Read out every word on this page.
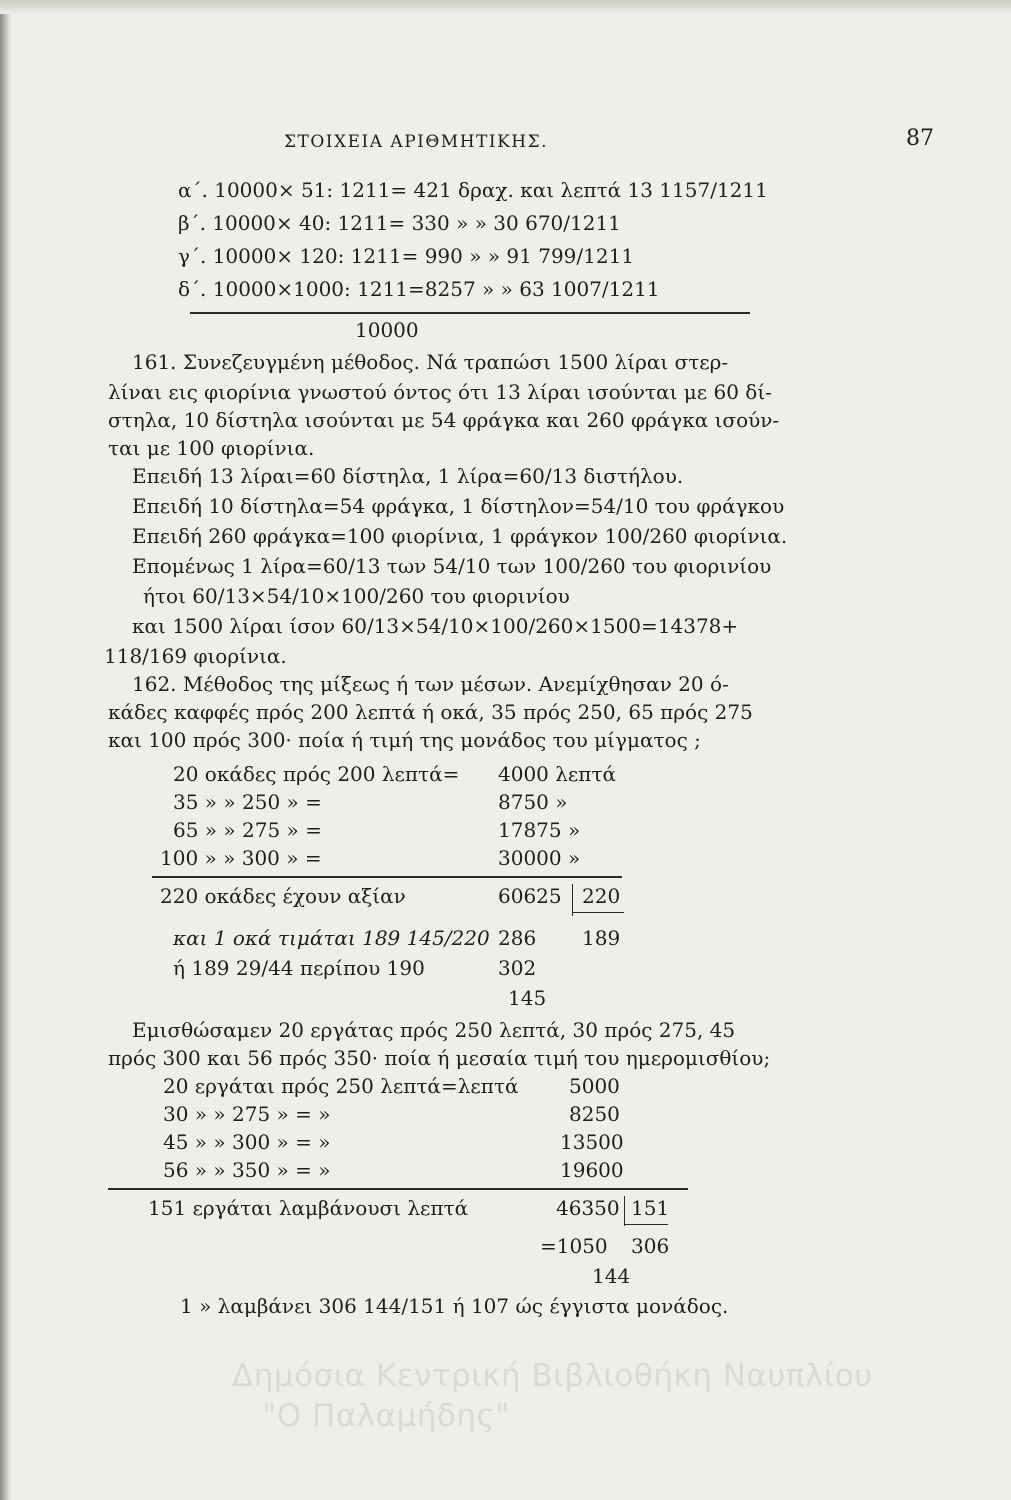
ΣΤΟΙΧΕΙΑ ΑΡΙΘΜΗΤΙΚΗΣ.	87
α΄. 10000× 51: 1211= 421 δραχ. και λεπτά 13 1157/1211
β΄. 10000× 40: 1211= 330 » » 30 670/1211
γ΄. 10000× 120: 1211= 990 » » 91 799/1211
δ΄. 10000×1000: 1211=8257 » » 63 1007/1211
10000
161. Συνεζευγμένη μέθοδος. Νά τραπώσι 1500 λίραι στερ-
λίναι εις φιορίνια γνωστού όντος ότι 13 λίραι ισούνται με 60 δί-
στηλα, 10 δίστηλα ισούνται με 54 φράγκα και 260 φράγκα ισούν-
ται με 100 φιορίνια.
Επειδή 13 λίραι=60 δίστηλα, 1 λίρα=60/13 διστήλου.
Επειδή 10 δίστηλα=54 φράγκα, 1 δίστηλον=54/10 του φράγκου
Επειδή 260 φράγκα=100 φιορίνια, 1 φράγκον 100/260 φιορίνια.
Επομένως 1 λίρα=60/13 των 54/10 των 100/260 του φιορινίου
ήτοι 60/13×54/10×100/260 του φιορινίου
και 1500 λίραι ίσον 60/13×54/10×100/260×1500=14378+
118/169 φιορίνια.
162. Μέθοδος της μίξεως ή των μέσων. Ανεμίχθησαν 20 ό-
κάδες καφφές πρός 200 λεπτά ή οκά, 35 πρός 250, 65 πρός 275
και 100 πρός 300· ποία ή τιμή της μονάδος του μίγματος ;
20 οκάδες πρός 200 λεπτά= 4000 λεπτά
35 » » 250 » =	8750 »
65 » » 275 » =	17875 »
100 » » 300 » =	30000 »
220 οκάδες έχουν αξίαν	60625 220
και 1 οκά τιμάται 189 145/220 286 189
ή 189 29/44 περίπου 190	302
145
Εμισθώσαμεν 20 εργάτας πρός 250 λεπτά, 30 πρός 275, 45
πρός 300 και 56 πρός 350· ποία ή μεσαία τιμή του ημερομισθίου;
20 εργάται πρός 250 λεπτά=λεπτά	5000
30 » » 275 » = »	8250
45 » » 300 » = »	13500
56 » » 350 » = »	19600
151 εργάται λαμβάνουσι λεπτά	46350 151
=1050 306
144
1 » λαμβάνει 306 144/151 ή 107 ώς έγγιστα μονάδος.
Δημόσια Κεντρική Βιβλιοθήκη Ναυπλίου
"Ο Παλαμήδης"
